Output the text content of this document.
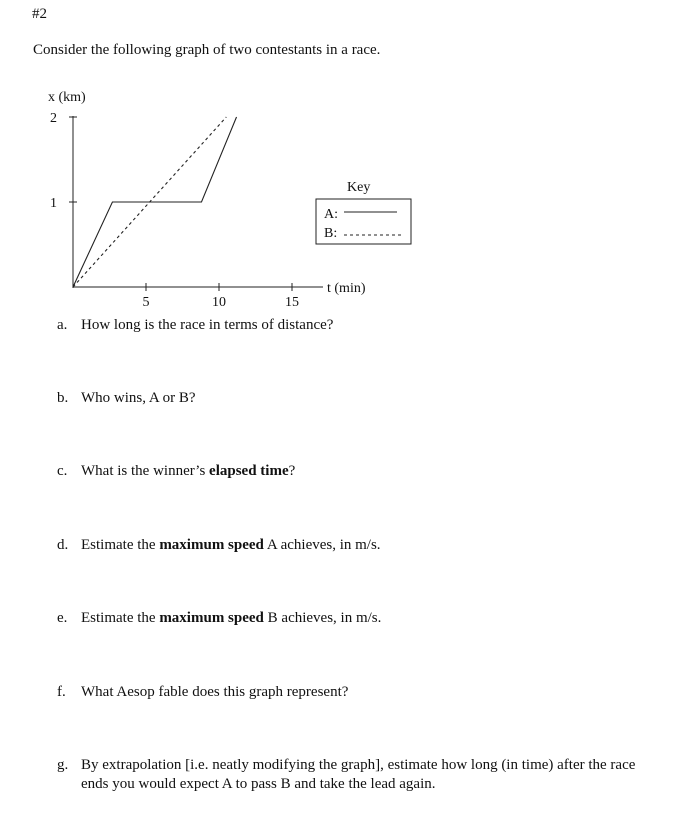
#2
Consider the following graph of two contestants in a race.
x (km)
t (min)
5	10	15
1
2
Key
A:
B:
a. How long is the race in terms of distance?
b. Who wins, A or B?
c. What is the winner’s elapsed time?
d. Estimate the maximum speed A achieves, in m/s.
e. Estimate the maximum speed B achieves, in m/s.
f. What Aesop fable does this graph represent?
g. By extrapolation [i.e. neatly modifying the graph], estimate how long (in time) after the race ends you would expect A to pass B and take the lead again.
